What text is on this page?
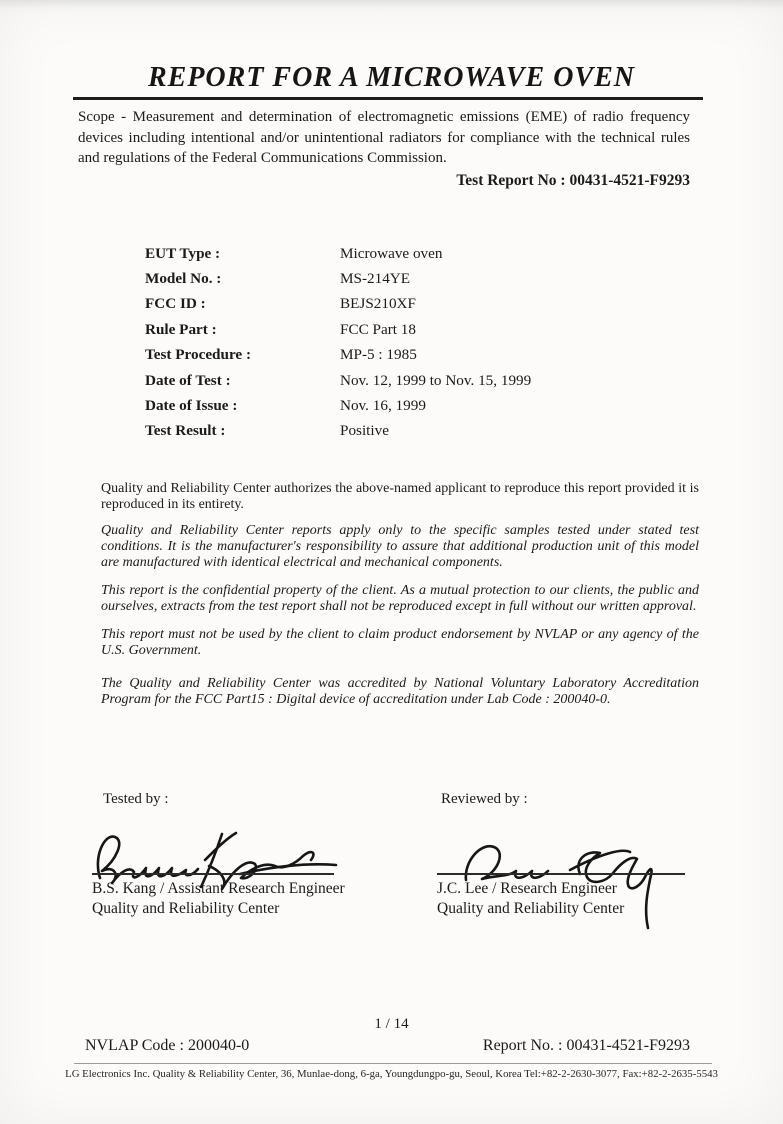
REPORT FOR A MICROWAVE OVEN
Scope - Measurement and determination of electromagnetic emissions (EME) of radio frequency devices including intentional and/or unintentional radiators for compliance with the technical rules and regulations of the Federal Communications Commission.
Test Report No : 00431-4521-F9293
EUT Type :	Microwave oven
Model No. :	MS-214YE
FCC ID :	BEJS210XF
Rule Part :	FCC Part 18
Test Procedure :	MP-5 : 1985
Date of Test :	Nov. 12, 1999 to Nov. 15, 1999
Date of Issue :	Nov. 16, 1999
Test Result :	Positive

Quality and Reliability Center authorizes the above-named applicant to reproduce this report provided it is reproduced in its entirety.

Quality and Reliability Center reports apply only to the specific samples tested under stated test conditions. It is the manufacturer's responsibility to assure that additional production unit of this model are manufactured with identical electrical and mechanical components.

This report is the confidential property of the client. As a mutual protection to our clients, the public and ourselves, extracts from the test report shall not be reproduced except in full without our written approval.

This report must not be used by the client to claim product endorsement by NVLAP or any agency of the U.S. Government.

The Quality and Reliability Center was accredited by National Voluntary Laboratory Accreditation Program for the FCC Part15 : Digital device of accreditation under Lab Code : 200040-0.

Tested by :
B.S. Kang / Assistant Research Engineer
Quality and Reliability Center
Reviewed by :
J.C. Lee / Research Engineer
Quality and Reliability Center
1 / 14
NVLAP Code : 200040-0	Report No. : 00431-4521-F9293
LG Electronics Inc. Quality & Reliability Center, 36, Munlae-dong, 6-ga, Youngdungpo-gu, Seoul, Korea Tel:+82-2-2630-3077, Fax:+82-2-2635-5543
